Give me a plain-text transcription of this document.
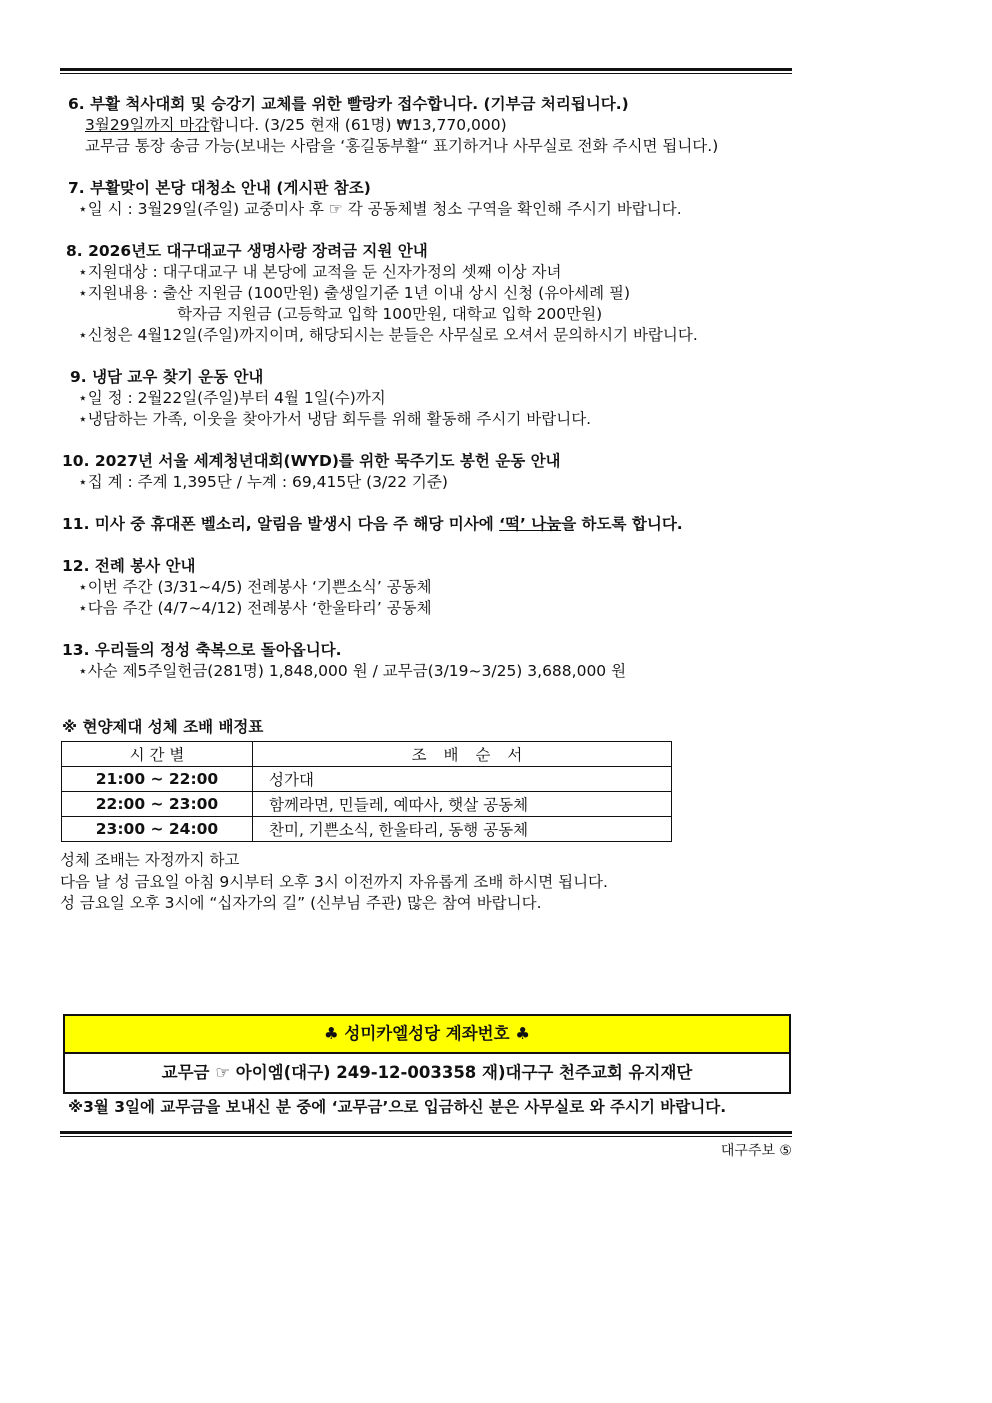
6. 부활 척사대회 및 승강기 교체를 위한 빨랑카 접수합니다. (기부금 처리됩니다.)
3월29일까지 마감합니다. (3/25 현재 (61명) ₩13,770,000)
교무금 통장 송금 가능(보내는 사람을 ‘홍길동부활“ 표기하거나 사무실로 전화 주시면 됩니다.)
7. 부활맞이 본당 대청소 안내 (게시판 참조)
⋆일 시 : 3월29일(주일) 교중미사 후 ☞ 각 공동체별 청소 구역을 확인해 주시기 바랍니다.
8. 2026년도 대구대교구 생명사랑 장려금 지원 안내
⋆지원대상 : 대구대교구 내 본당에 교적을 둔 신자가정의 셋째 이상 자녀
⋆지원내용 : 출산 지원금 (100만원) 출생일기준 1년 이내 상시 신청 (유아세례 필)
학자금 지원금 (고등학교 입학 100만원, 대학교 입학 200만원)
⋆신청은 4월12일(주일)까지이며, 해당되시는 분들은 사무실로 오셔서 문의하시기 바랍니다.
9. 냉담 교우 찾기 운동 안내
⋆일 정 : 2월22일(주일)부터 4월 1일(수)까지
⋆냉담하는 가족, 이웃을 찾아가서 냉담 회두를 위해 활동해 주시기 바랍니다.
10. 2027년 서울 세계청년대회(WYD)를 위한 묵주기도 봉헌 운동 안내
⋆집 계 : 주계 1,395단 / 누계 : 69,415단 (3/22 기준)
11. 미사 중 휴대폰 벨소리, 알림음 발생시 다음 주 해당 미사에 ‘떡’ 나눔을 하도록 합니다.
12. 전례 봉사 안내
⋆이번 주간 (3/31~4/5) 전례봉사 ‘기쁜소식’ 공동체
⋆다음 주간 (4/7~4/12) 전례봉사 ‘한울타리’ 공동체
13. 우리들의 정성 축복으로 돌아옵니다.
⋆사순 제5주일헌금(281명) 1,848,000 원 / 교무금(3/19~3/25) 3,688,000 원
※ 현양제대 성체 조배 배정표
시 간 별	조 배 순 서
21:00 ~ 22:00	성가대
22:00 ~ 23:00	함께라면, 민들레, 예따사, 햇살 공동체
23:00 ~ 24:00	찬미, 기쁜소식, 한울타리, 동행 공동체
성체 조배는 자정까지 하고
다음 날 성 금요일 아침 9시부터 오후 3시 이전까지 자유롭게 조배 하시면 됩니다.
성 금요일 오후 3시에 “십자가의 길” (신부님 주관) 많은 참여 바랍니다.
♣ 성미카엘성당 계좌번호 ♣
교무금 ☞ 아이엠(대구) 249-12-003358 재)대구구 천주교회 유지재단
※3월 3일에 교무금을 보내신 분 중에 ‘교무금’으로 입금하신 분은 사무실로 와 주시기 바랍니다.
대구주보 ⑤
